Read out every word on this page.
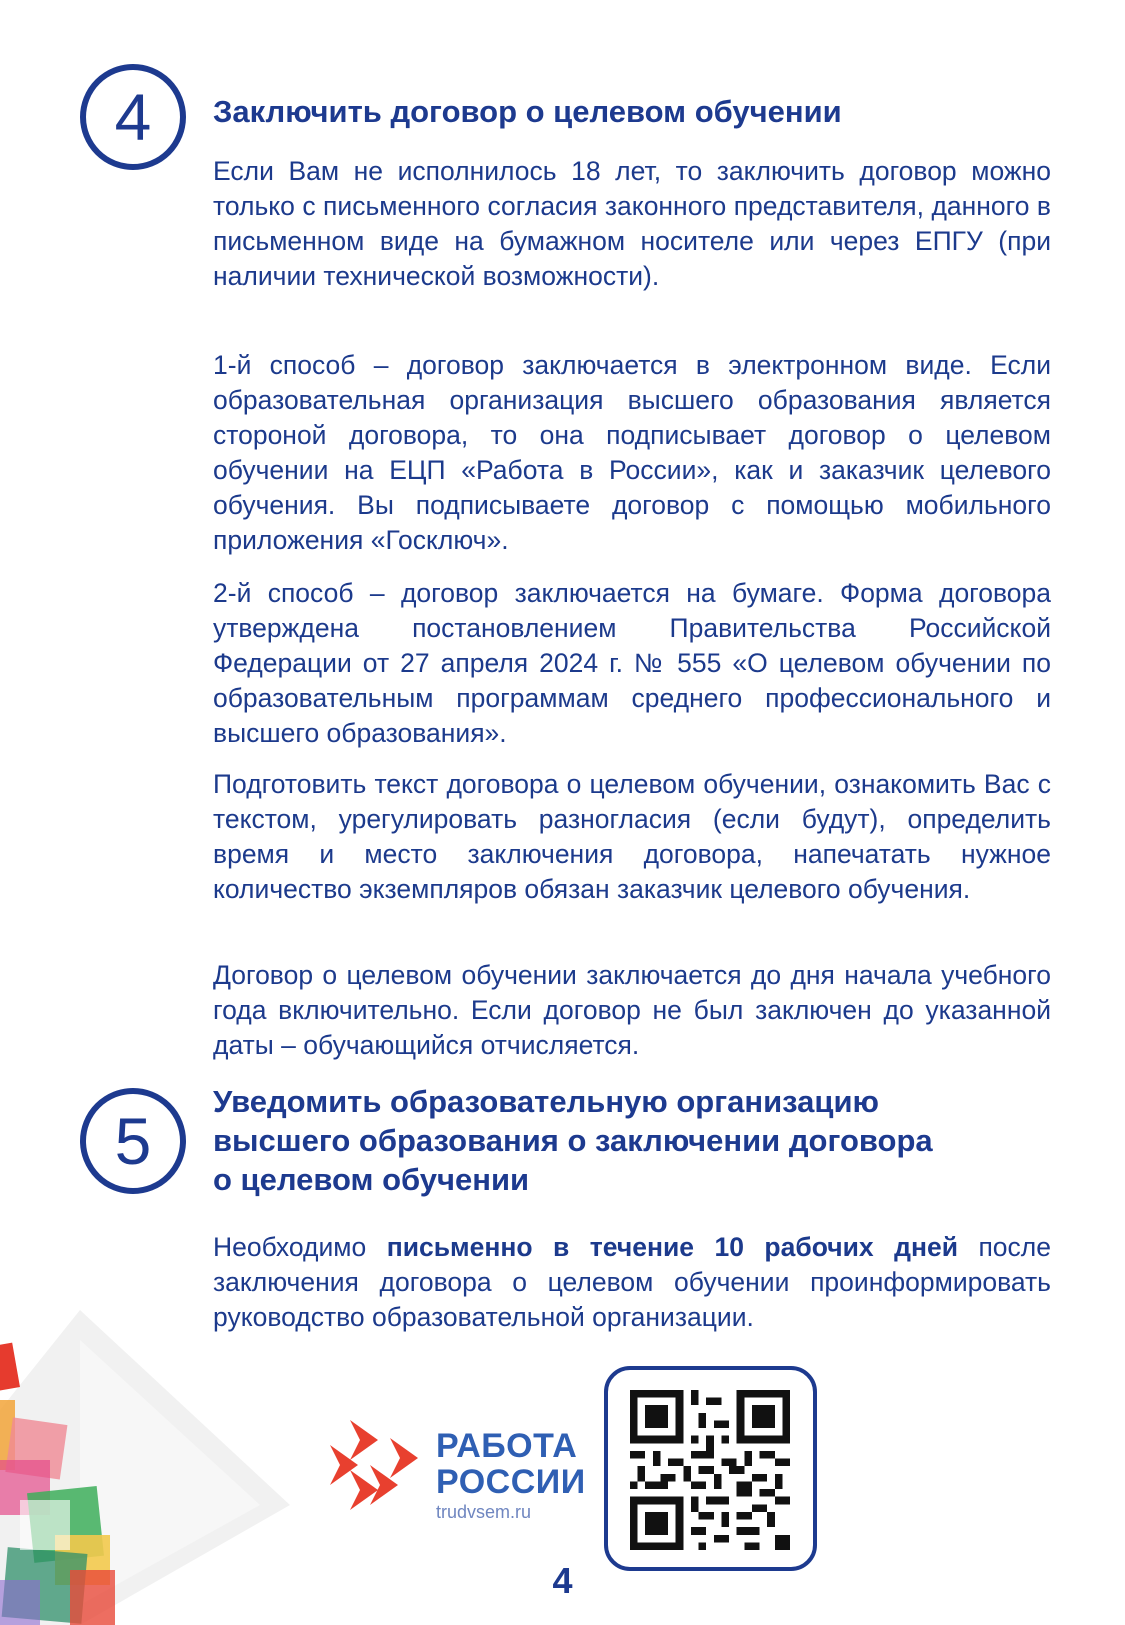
4 Заключить договор о целевом обучении
Если Вам не исполнилось 18 лет, то заключить договор можно только с письменного согласия законного представителя, данного в письменном виде на бумажном носителе или через ЕПГУ (при наличии технической возможности).
1-й способ – договор заключается в электронном виде. Если образовательная организация высшего образования является стороной договора, то она подписывает договор о целевом обучении на ЕЦП «Работа в России», как и заказчик целевого обучения. Вы подписываете договор с помощью мобильного приложения «Госключ».
2-й способ – договор заключается на бумаге. Форма договора утверждена постановлением Правительства Российской Федерации от 27 апреля 2024 г. № 555 «О целевом обучении по образовательным программам среднего профессионального и высшего образования».
Подготовить текст договора о целевом обучении, ознакомить Вас с текстом, урегулировать разногласия (если будут), определить время и место заключения договора, напечатать нужное количество экземпляров обязан заказчик целевого обучения.
Договор о целевом обучении заключается до дня начала учебного года включительно. Если договор не был заключен до указанной даты – обучающийся отчисляется.
5
Уведомить образовательную организацию
высшего образования о заключении договора
о целевом обучении
Необходимо письменно в течение 10 рабочих дней после заключения договора о целевом обучении проинформировать руководство образовательной организации.
РАБОТА
РОССИИ
trudvsem.ru
4
